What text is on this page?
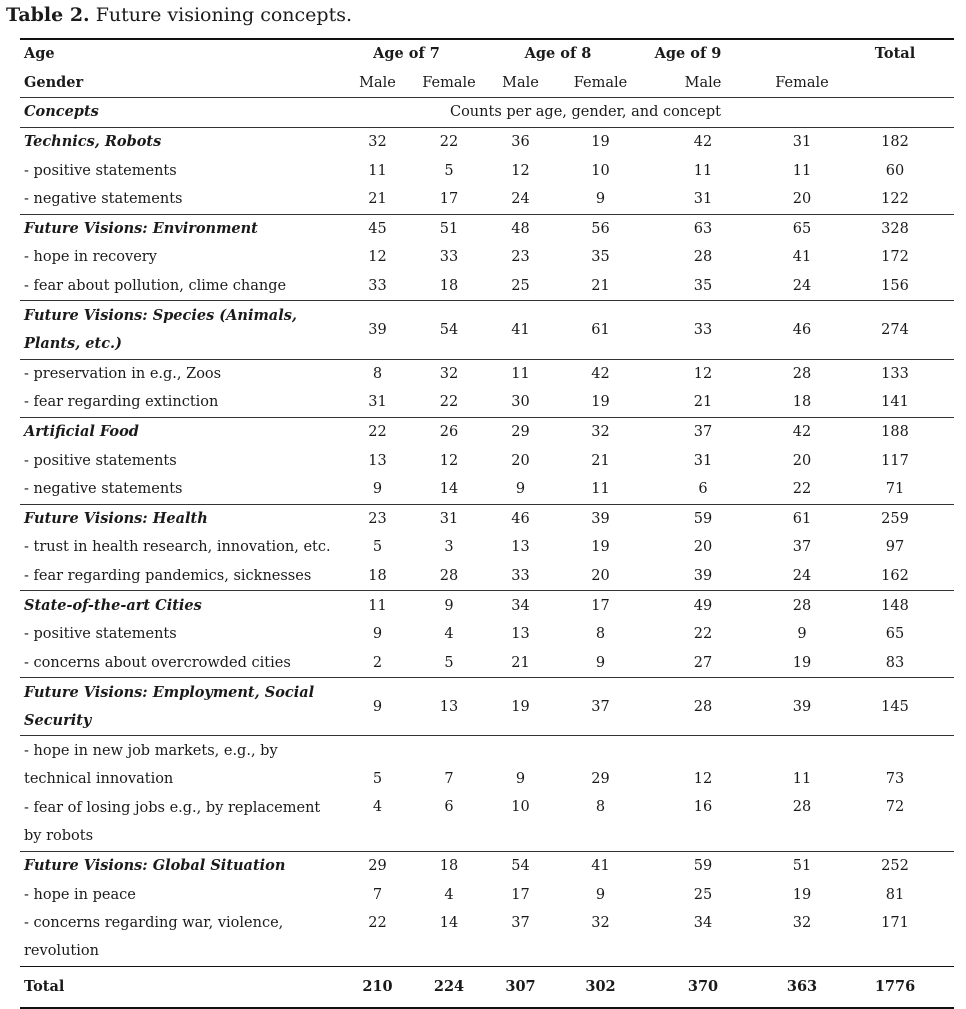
Table 2. Future visioning concepts.
Age	Age of 7		Age of 8		Age of 9		Total
Gender	Male	Female	Male	Female	Male	Female	
Concepts	Counts per age, gender, and concept						
Technics, Robots	32	22	36	19	42	31	182
- positive statements	11	5	12	10	11	11	60
- negative statements	21	17	24	9	31	20	122
Future Visions: Environment	45	51	48	56	63	65	328
- hope in recovery	12	33	23	35	28	41	172
- fear about pollution, clime change	33	18	25	21	35	24	156
Future Visions: Species (Animals, Plants, etc.)	39	54	41	61	33	46	274
- preservation in e.g., Zoos	8	32	11	42	12	28	133
- fear regarding extinction	31	22	30	19	21	18	141
Artificial Food	22	26	29	32	37	42	188
- positive statements	13	12	20	21	31	20	117
- negative statements	9	14	9	11	6	22	71
Future Visions: Health	23	31	46	39	59	61	259
- trust in health research, innovation, etc.	5	3	13	19	20	37	97
- fear regarding pandemics, sicknesses	18	28	33	20	39	24	162
State-of-the-art Cities	11	9	34	17	49	28	148
- positive statements	9	4	13	8	22	9	65
- concerns about overcrowded cities	2	5	21	9	27	19	83
Future Visions: Employment, Social Security	9	13	19	37	28	39	145
- hope in new job markets, e.g., by technical innovation	5	7	9	29	12	11	73
- fear of losing jobs e.g., by replacement by robots	4	6	10	8	16	28	72
Future Visions: Global Situation	29	18	54	41	59	51	252
- hope in peace	7	4	17	9	25	19	81
- concerns regarding war, violence, revolution	22	14	37	32	34	32	171
Total	210	224	307	302	370	363	1776
